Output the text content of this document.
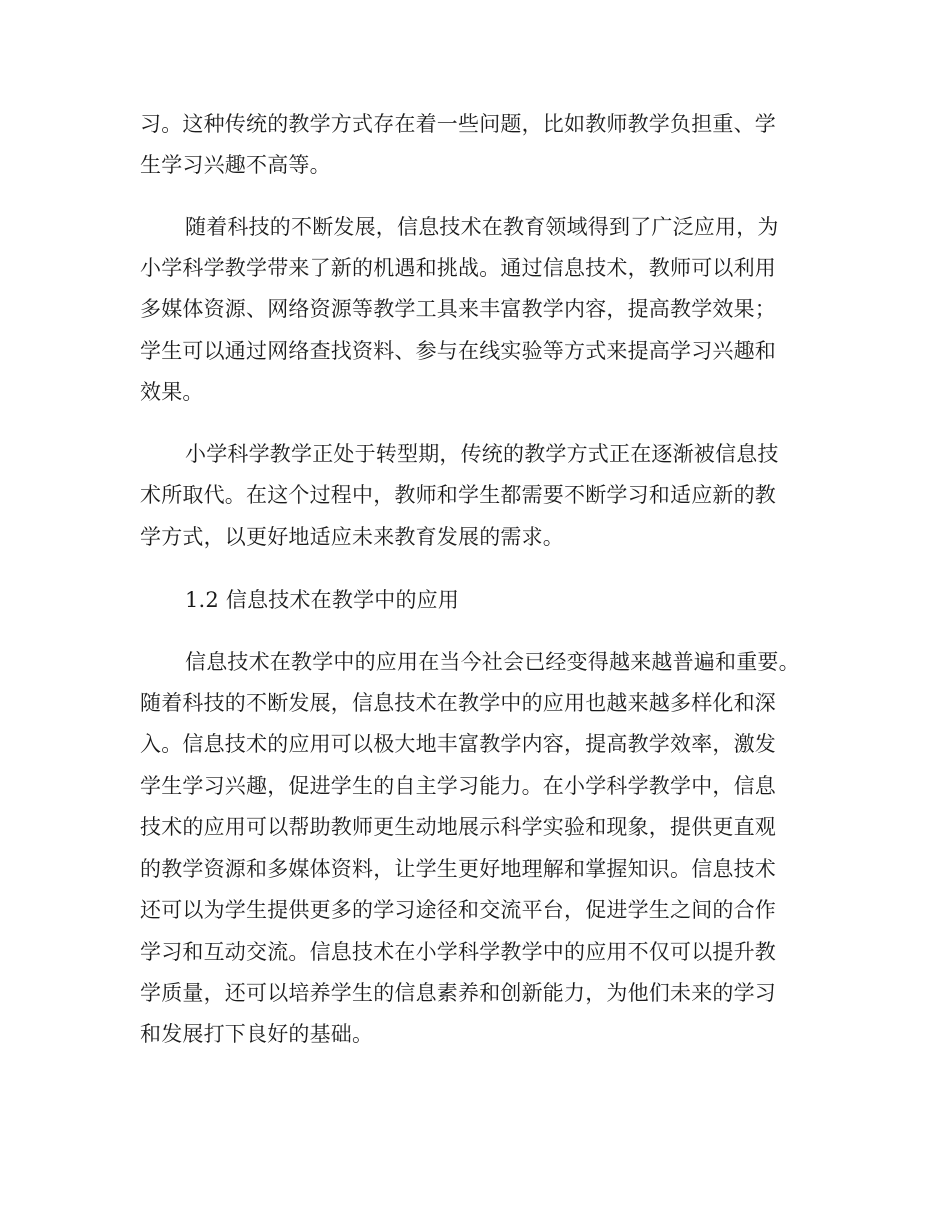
习。这种传统的教学方式存在着一些问题，比如教师教学负担重、学
生学习兴趣不高等。
随着科技的不断发展，信息技术在教育领域得到了广泛应用，为
小学科学教学带来了新的机遇和挑战。通过信息技术，教师可以利用
多媒体资源、网络资源等教学工具来丰富教学内容，提高教学效果；
学生可以通过网络查找资料、参与在线实验等方式来提高学习兴趣和
效果。
小学科学教学正处于转型期，传统的教学方式正在逐渐被信息技
术所取代。在这个过程中，教师和学生都需要不断学习和适应新的教
学方式，以更好地适应未来教育发展的需求。
1.2 信息技术在教学中的应用
信息技术在教学中的应用在当今社会已经变得越来越普遍和重要。
随着科技的不断发展，信息技术在教学中的应用也越来越多样化和深
入。信息技术的应用可以极大地丰富教学内容，提高教学效率，激发
学生学习兴趣，促进学生的自主学习能力。在小学科学教学中，信息
技术的应用可以帮助教师更生动地展示科学实验和现象，提供更直观
的教学资源和多媒体资料，让学生更好地理解和掌握知识。信息技术
还可以为学生提供更多的学习途径和交流平台，促进学生之间的合作
学习和互动交流。信息技术在小学科学教学中的应用不仅可以提升教
学质量，还可以培养学生的信息素养和创新能力，为他们未来的学习
和发展打下良好的基础。
